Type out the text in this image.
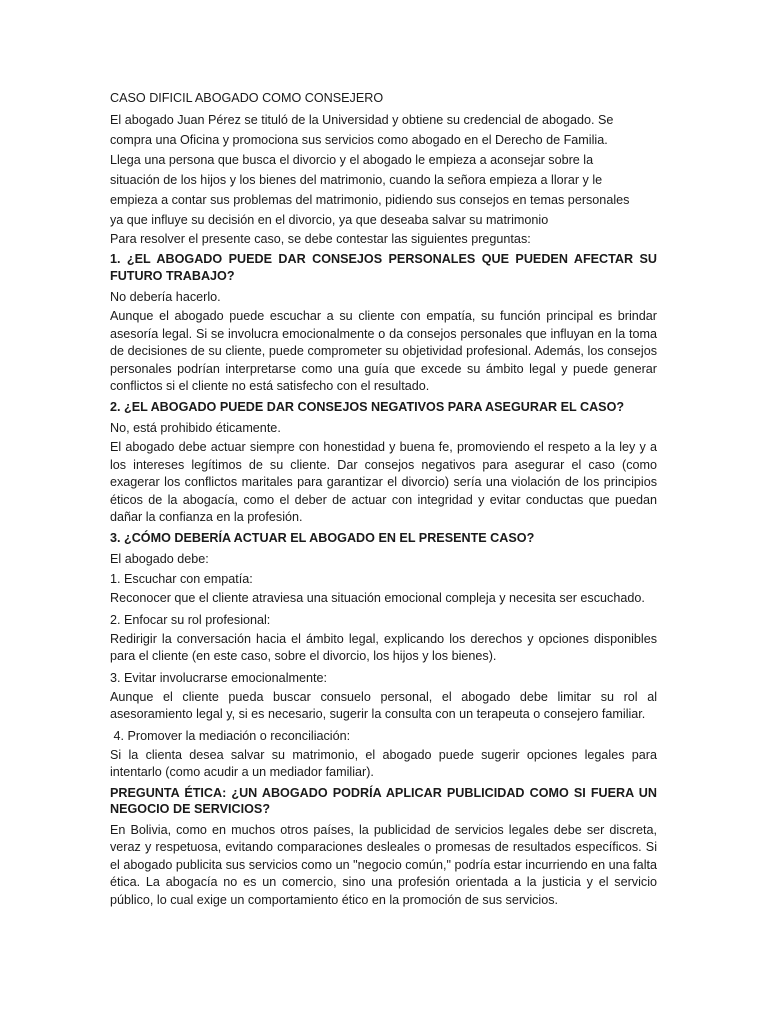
CASO DIFICIL ABOGADO COMO CONSEJERO

El abogado Juan Pérez se tituló de la Universidad y obtiene su credencial de abogado. Se

compra una Oficina y promociona sus servicios como abogado en el Derecho de Familia.

Llega una persona que busca el divorcio y el abogado le empieza a aconsejar sobre la

situación de los hijos y los bienes del matrimonio, cuando la señora empieza a llorar y le

empieza a contar sus problemas del matrimonio, pidiendo sus consejos en temas personales

ya que influye su decisión en el divorcio, ya que deseaba salvar su matrimonio

Para resolver el presente caso, se debe contestar las siguientes preguntas:
1. ¿EL ABOGADO PUEDE DAR CONSEJOS PERSONALES QUE PUEDEN AFECTAR SU FUTURO TRABAJO?
No debería hacerlo.
Aunque el abogado puede escuchar a su cliente con empatía, su función principal es brindar asesoría legal. Si se involucra emocionalmente o da consejos personales que influyan en la toma de decisiones de su cliente, puede comprometer su objetividad profesional. Además, los consejos personales podrían interpretarse como una guía que excede su ámbito legal y puede generar conflictos si el cliente no está satisfecho con el resultado.
2. ¿EL ABOGADO PUEDE DAR CONSEJOS NEGATIVOS PARA ASEGURAR EL CASO?
No, está prohibido éticamente.
El abogado debe actuar siempre con honestidad y buena fe, promoviendo el respeto a la ley y a los intereses legítimos de su cliente. Dar consejos negativos para asegurar el caso (como exagerar los conflictos maritales para garantizar el divorcio) sería una violación de los principios éticos de la abogacía, como el deber de actuar con integridad y evitar conductas que puedan dañar la confianza en la profesión.
3. ¿CÓMO DEBERÍA ACTUAR EL ABOGADO EN EL PRESENTE CASO?
El abogado debe:
1. Escuchar con empatía:
Reconocer que el cliente atraviesa una situación emocional compleja y necesita ser escuchado.
2. Enfocar su rol profesional:
Redirigir la conversación hacia el ámbito legal, explicando los derechos y opciones disponibles para el cliente (en este caso, sobre el divorcio, los hijos y los bienes).
3. Evitar involucrarse emocionalmente:
Aunque el cliente pueda buscar consuelo personal, el abogado debe limitar su rol al asesoramiento legal y, si es necesario, sugerir la consulta con un terapeuta o consejero familiar.
4. Promover la mediación o reconciliación:
Si la clienta desea salvar su matrimonio, el abogado puede sugerir opciones legales para intentarlo (como acudir a un mediador familiar).
PREGUNTA ÉTICA: ¿UN ABOGADO PODRÍA APLICAR PUBLICIDAD COMO SI FUERA UN NEGOCIO DE SERVICIOS?
En Bolivia, como en muchos otros países, la publicidad de servicios legales debe ser discreta, veraz y respetuosa, evitando comparaciones desleales o promesas de resultados específicos. Si el abogado publicita sus servicios como un "negocio común," podría estar incurriendo en una falta ética. La abogacía no es un comercio, sino una profesión orientada a la justicia y el servicio público, lo cual exige un comportamiento ético en la promoción de sus servicios.
